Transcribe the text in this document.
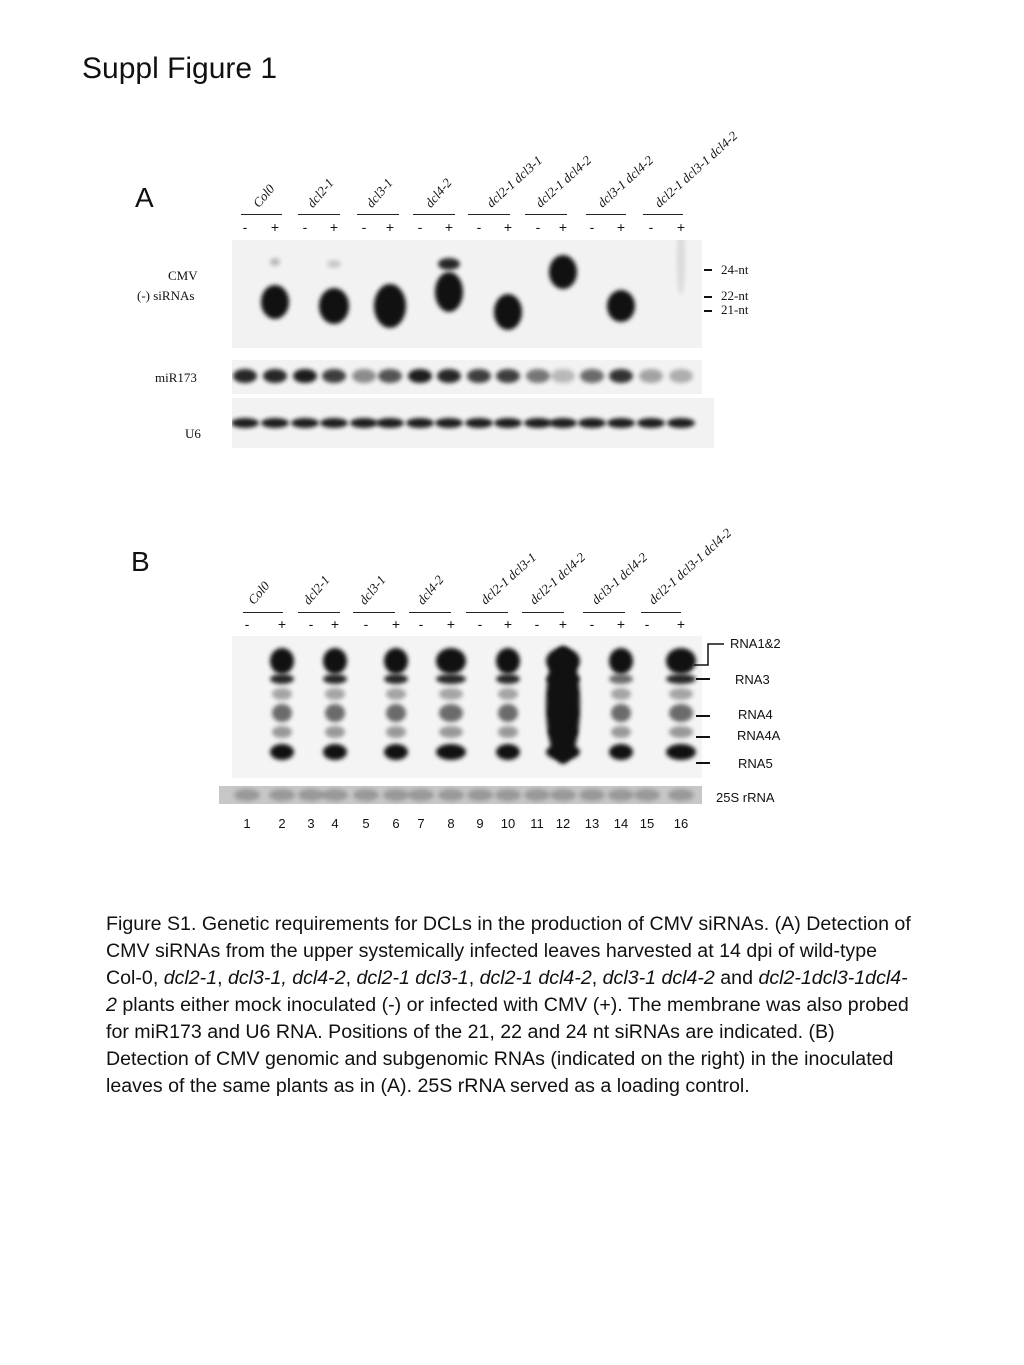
Suppl Figure 1
A	Col0 dcl2-1 dcl3-1 dcl4-2 dcl2-1 dcl3-1
dcl2-1 dcl4-2 dcl3-1 dcl4-2
dcl2-1 dcl3-1 dcl4-2
- + - + - + - + - + - + - + - +
CMV
(-) siRNAs
miR173
U6
24-nt
22-nt
21-nt
B
Col0 dcl2-1 dcl3-1 dcl4-2 dcl2-1 dcl3-1
dcl2-1 dcl4-2 dcl3-1 dcl4-2
dcl2-1 dcl3-1 dcl4-2
- + - + - + - + - + - + - + - +
RNA1&2
RNA3
RNA4
RNA4A
RNA5
25S rRNA
1	2	3	4	5	6	7	8	9	10 11 12 13 14 15 16
Figure S1. Genetic requirements for DCLs in the production of CMV siRNAs. (A) Detection of CMV siRNAs from the upper systemically infected leaves harvested at 14 dpi of wild-type Col-0, dcl2-1, dcl3-1, dcl4-2, dcl2-1 dcl3-1, dcl2-1 dcl4-2, dcl3-1 dcl4-2 and dcl2-1dcl3-1dcl4-2 plants either mock inoculated (-) or infected with CMV (+). The membrane was also probed for miR173 and U6 RNA. Positions of the 21, 22 and 24 nt siRNAs are indicated. (B) Detection of CMV genomic and subgenomic RNAs (indicated on the right) in the inoculated leaves of the same plants as in (A). 25S rRNA served as a loading control.
